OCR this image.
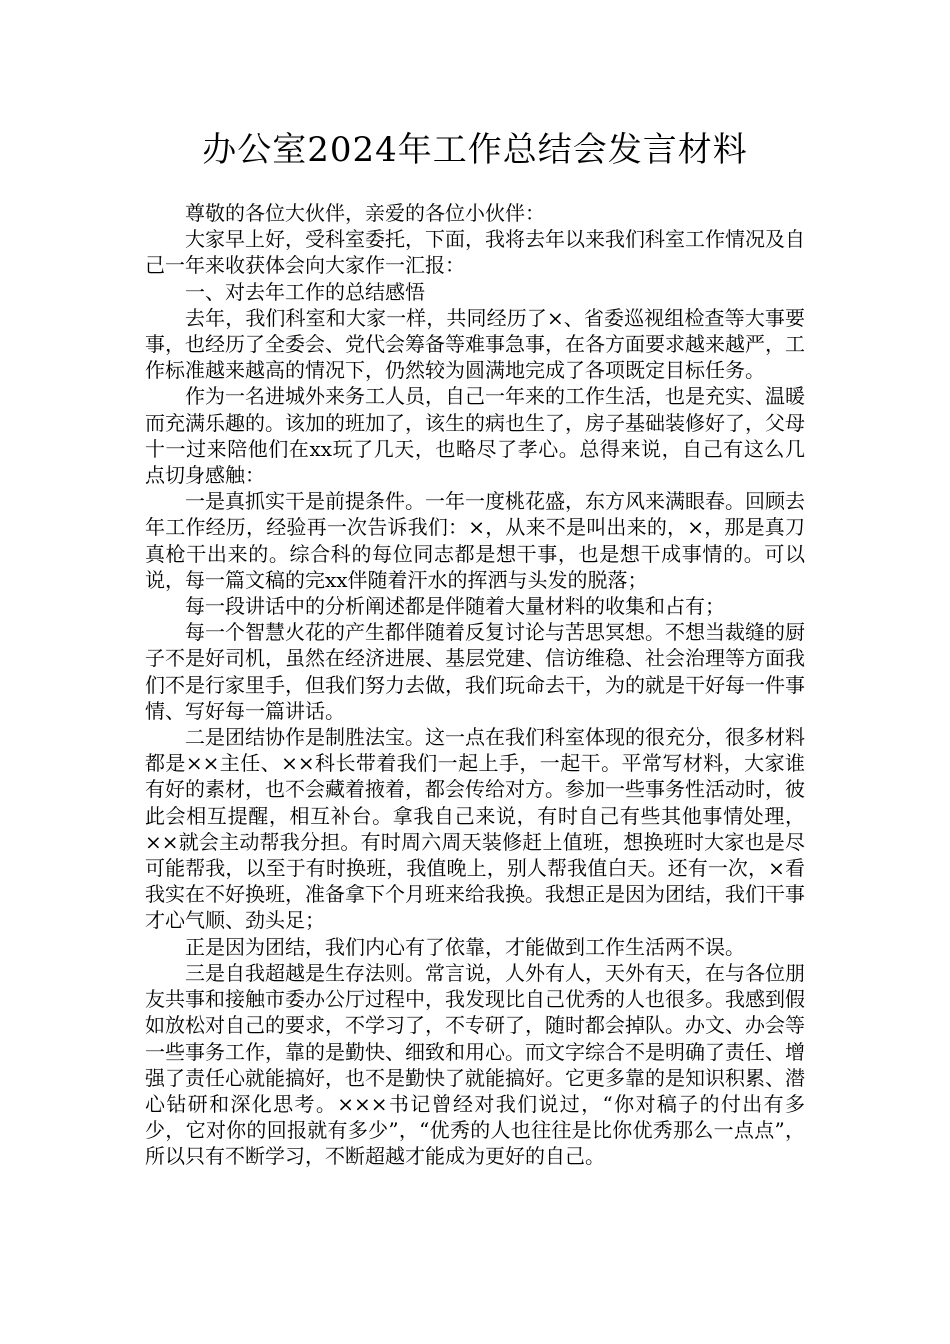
办公室2024年工作总结会发言材料

尊敬的各位大伙伴，亲爱的各位小伙伴：

大家早上好，受科室委托，下面，我将去年以来我们科室工作情况及自己一年来收获体会向大家作一汇报：

一、对去年工作的总结感悟

去年，我们科室和大家一样，共同经历了×、省委巡视组检查等大事要事，也经历了全委会、党代会筹备等难事急事，在各方面要求越来越严，工作标准越来越高的情况下，仍然较为圆满地完成了各项既定目标任务。

作为一名进城外来务工人员，自己一年来的工作生活，也是充实、温暖而充满乐趣的。该加的班加了，该生的病也生了，房子基础装修好了，父母十一过来陪他们在xx玩了几天，也略尽了孝心。总得来说，自己有这么几点切身感触：

一是真抓实干是前提条件。一年一度桃花盛，东方风来满眼春。回顾去年工作经历，经验再一次告诉我们：×，从来不是叫出来的，×，那是真刀真枪干出来的。综合科的每位同志都是想干事，也是想干成事情的。可以说，每一篇文稿的完xx伴随着汗水的挥洒与头发的脱落；

每一段讲话中的分析阐述都是伴随着大量材料的收集和占有；

每一个智慧火花的产生都伴随着反复讨论与苦思冥想。不想当裁缝的厨子不是好司机，虽然在经济进展、基层党建、信访维稳、社会治理等方面我们不是行家里手，但我们努力去做，我们玩命去干，为的就是干好每一件事情、写好每一篇讲话。

二是团结协作是制胜法宝。这一点在我们科室体现的很充分，很多材料都是××主任、××科长带着我们一起上手，一起干。平常写材料，大家谁有好的素材，也不会藏着掖着，都会传给对方。参加一些事务性活动时，彼此会相互提醒，相互补台。拿我自己来说，有时自己有些其他事情处理，××就会主动帮我分担。有时周六周天装修赶上值班，想换班时大家也是尽可能帮我，以至于有时换班，我值晚上，别人帮我值白天。还有一次，×看我实在不好换班，准备拿下个月班来给我换。我想正是因为团结，我们干事才心气顺、劲头足；

正是因为团结，我们内心有了依靠，才能做到工作生活两不误。

三是自我超越是生存法则。常言说，人外有人，天外有天，在与各位朋友共事和接触市委办公厅过程中，我发现比自己优秀的人也很多。我感到假如放松对自己的要求，不学习了，不专研了，随时都会掉队。办文、办会等一些事务工作，靠的是勤快、细致和用心。而文字综合不是明确了责任、增强了责任心就能搞好，也不是勤快了就能搞好。它更多靠的是知识积累、潜心钻研和深化思考。×××书记曾经对我们说过，“你对稿子的付出有多少，它对你的回报就有多少”，“优秀的人也往往是比你优秀那么一点点”，所以只有不断学习，不断超越才能成为更好的自己。
